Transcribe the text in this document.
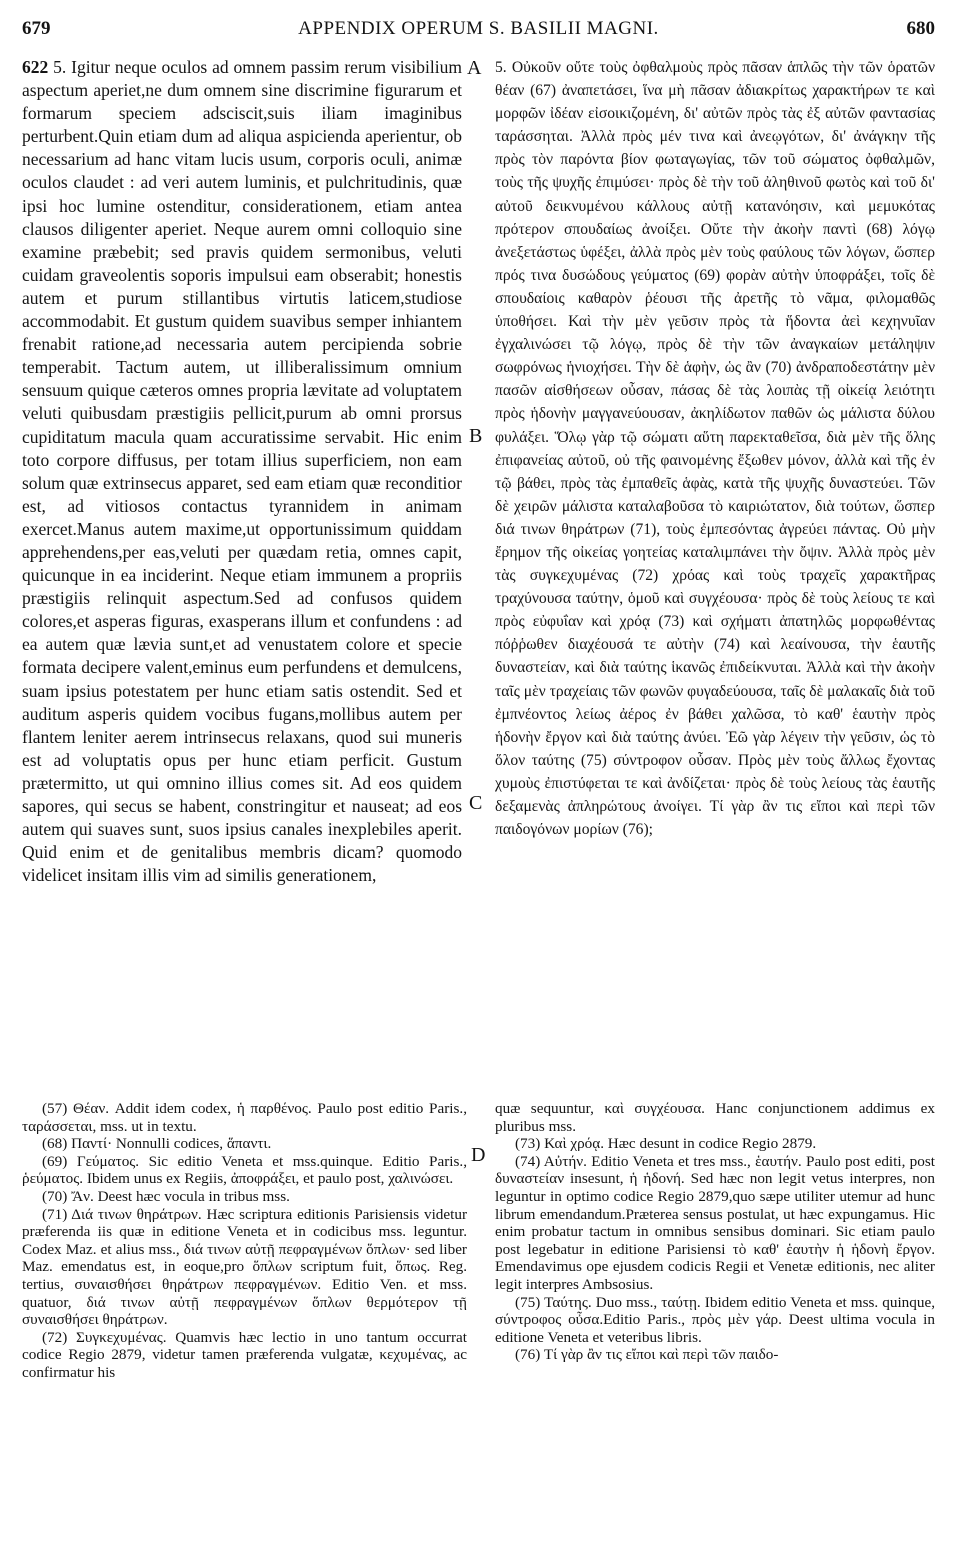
679	APPENDIX OPERUM S. BASILII MAGNI.	680

622 5. Igitur neque oculos ad omnem passim rerum visibilium aspectum aperiet,ne dum omnem sine discrimine figurarum et formarum speciem adsciscit,suis iliam imaginibus perturbent.Quin etiam dum ad aliqua aspicienda aperientur, ob necessarium ad hanc vitam lucis usum, corporis oculi, animæ oculos claudet : ad veri autem luminis, et pulchritudinis, quæ ipsi hoc lumine ostenditur, considerationem, etiam antea clausos diligenter aperiet. Neque aurem omni colloquio sine examine præbebit; sed pravis quidem sermonibus, veluti cuidam graveolentis soporis impulsui eam obserabit; honestis autem et purum stillantibus virtutis laticem,studiose accommodabit. Et gustum quidem suavibus semper inhiantem frenabit ratione,ad necessaria autem percipienda sobrie temperabit. Tactum autem, ut illiberalissimum omnium sensuum quique cæteros omnes propria lævitate ad voluptatem veluti quibusdam præstigiis pellicit,purum ab omni prorsus cupiditatum macula quam accuratissime servabit. Hic enim toto corpore diffusus, per totam illius superficiem, non eam solum quæ extrinsecus apparet, sed eam etiam quæ reconditior est, ad vitiosos contactus tyrannidem in animam exercet.Manus autem maxime,ut opportunissimum quiddam apprehendens,per eas,veluti per quædam retia, omnes capit, quicunque in ea inciderint. Neque etiam immunem a propriis præstigiis relinquit aspectum.Sed ad confusos quidem colores,et asperas figuras, exasperans illum et confundens : ad ea autem quæ lævia sunt,et ad venustatem colore et specie formata decipere valent,eminus eum perfundens et demulcens, suam ipsius potestatem per hunc etiam satis ostendit. Sed et auditum asperis quidem vocibus fugans,mollibus autem per flantem leniter aerem intrinsecus relaxans, quod sui muneris est ad voluptatis opus per hunc etiam perficit. Gustum prætermitto, ut qui omnino illius comes sit. Ad eos quidem sapores, qui secus se habent, constringitur et nauseat; ad eos autem qui suaves sunt, suos ipsius canales inexplebiles aperit. Quid enim et de genitalibus membris dicam? quomodo videlicet insitam illis vim ad similis generationem,

A
B
C
D

5. Οὐκοῦν οὔτε τοὺς ὀφθαλμοὺς πρὸς πᾶσαν ἁπλῶς τὴν τῶν ὁρατῶν θέαν (67) ἀναπετάσει, ἵνα μὴ πᾶσαν ἀδιακρίτως χαρακτήρων τε καὶ μορφῶν ἰδέαν εἰσοικιζομένη, δι' αὐτῶν πρὸς τὰς ἐξ αὐτῶν φαντασίας ταράσσηται. Ἀλλὰ πρὸς μέν τινα καὶ ἀνεῳγότων, δι' ἀνάγκην τῆς πρὸς τὸν παρόντα βίον φωταγωγίας, τῶν τοῦ σώματος ὀφθαλμῶν, τοὺς τῆς ψυχῆς ἐπιμύσει· πρὸς δὲ τὴν τοῦ ἀληθινοῦ φωτὸς καὶ τοῦ δι' αὐτοῦ δεικνυμένου κάλλους αὐτῇ κατανόησιν, καὶ μεμυκότας πρότερον σπουδαίως ἀνοίξει. Οὔτε τὴν ἀκοὴν παντὶ (68) λόγῳ ἀνεξετάστως ὑφέξει, ἀλλὰ πρὸς μὲν τοὺς φαύλους τῶν λόγων, ὥσπερ πρός τινα δυσώδους γεύματος (69) φορὰν αὐτὴν ὑποφράξει, τοῖς δὲ σπουδαίοις καθαρὸν ῥέουσι τῆς ἀρετῆς τὸ νᾶμα, φιλομαθῶς ὑποθήσει. Καὶ τὴν μὲν γεῦσιν πρὸς τὰ ἥδοντα ἀεὶ κεχηνυῖαν ἐγχαλινώσει τῷ λόγῳ, πρὸς δὲ τὴν τῶν ἀναγκαίων μετάληψιν σωφρόνως ἡνιοχήσει. Τὴν δὲ ἁφὴν, ὡς ἂν (70) ἀνδραποδεστάτην μὲν πασῶν αἰσθήσεων οὖσαν, πάσας δὲ τὰς λοιπὰς τῇ οἰκείᾳ λειότητι πρὸς ἡδονὴν μαγγανεύουσαν, ἀκηλίδωτον παθῶν ὡς μάλιστα δύλου φυλάξει. Ὅλῳ γὰρ τῷ σώματι αὕτη παρεκταθεῖσα, διὰ μὲν τῆς ὅλης ἐπιφανείας αὐτοῦ, οὐ τῆς φαινομένης ἔξωθεν μόνον, ἀλλὰ καὶ τῆς ἐν τῷ βάθει, πρὸς τὰς ἐμπαθεῖς ἁφὰς, κατὰ τῆς ψυχῆς δυναστεύει. Τῶν δὲ χειρῶν μάλιστα καταλαβοῦσα τὸ καιριώτατον, διὰ τούτων, ὥσπερ διά τινων θηράτρων (71), τοὺς ἐμπεσόντας ἀγρεύει πάντας. Οὐ μὴν ἔρημον τῆς οἰκείας γοητείας καταλιμπάνει τὴν ὄψιν. Ἀλλὰ πρὸς μὲν τὰς συγκεχυμένας (72) χρόας καὶ τοὺς τραχεῖς χαρακτῆρας τραχύνουσα ταύτην, ὁμοῦ καὶ συγχέουσα· πρὸς δὲ τοὺς λείους τε καὶ πρὸς εὐφυΐαν καὶ χρόᾳ (73) καὶ σχήματι ἀπατηλῶς μορφωθέντας πόῤῥωθεν διαχέουσά τε αὐτὴν (74) καὶ λεαίνουσα, τὴν ἑαυτῆς δυναστείαν, καὶ διὰ ταύτης ἱκανῶς ἐπιδείκνυται. Ἀλλὰ καὶ τὴν ἀκοὴν ταῖς μὲν τραχείαις τῶν φωνῶν φυγαδεύουσα, ταῖς δὲ μαλακαῖς διὰ τοῦ ἐμπνέοντος λείως ἀέρος ἐν βάθει χαλῶσα, τὸ καθ' ἑαυτὴν πρὸς ἡδονὴν ἔργον καὶ διὰ ταύτης ἀνύει. Ἐῶ γὰρ λέγειν τὴν γεῦσιν, ὡς τὸ ὅλον ταύτης (75) σύντροφον οὖσαν. Πρὸς μὲν τοὺς ἄλλως ἔχοντας χυμοὺς ἐπιστύφεται τε καὶ ἀνδίζεται· πρὸς δὲ τοὺς λείους τὰς ἑαυτῆς δεξαμενὰς ἀπληρώτους ἀνοίγει. Τί γὰρ ἂν τις εἴποι καὶ περὶ τῶν παιδογόνων μορίων (76);

(57) Θέαν. Addit idem codex, ἡ παρθένος. Paulo post editio Paris., ταράσσεται, mss. ut in textu.

(68) Παντί· Nonnulli codices, ἅπαντι.

(69) Γεύματος. Sic editio Veneta et mss.quinque. Editio Paris., ῥεύματος. Ibidem unus ex Regiis, ἀποφράξει, et paulo post, χαλινώσει.

(70) Ἄν. Deest hæc vocula in tribus mss.

(71) Διά τινων θηράτρων. Hæc scriptura editionis Parisiensis videtur præferenda iis quæ in editione Veneta et in codicibus mss. leguntur. Codex Maz. et alius mss., διά τινων αὐτῇ πεφραγμένων ὅπλων· sed liber Maz. emendatus est, in eoque,pro ὅπλων scriptum fuit, ὅπως. Reg. tertius, συναισθήσει θηράτρων πεφραγμένων. Editio Ven. et mss. quatuor, διά τινων αὐτῇ πεφραγμένων ὅπλων θερμότερον τῇ συναισθήσει θηράτρων.

(72) Συγκεχυμένας. Quamvis hæc lectio in uno tantum occurrat codice Regio 2879, videtur tamen præferenda vulgatæ, κεχυμένας, ac confirmatur his

quæ sequuntur, καὶ συγχέουσα. Hanc conjunctionem addimus ex pluribus mss.

(73) Καὶ χρόᾳ. Hæc desunt in codice Regio 2879.

(74) Αὐτήν. Editio Veneta et tres mss., ἑαυτήν. Paulo post editi, post δυναστείαν insesunt, ἡ ἡδονή. Sed hæc non legit vetus interpres, non leguntur in optimo codice Regio 2879,quo sæpe utiliter utemur ad hunc librum emendandum.Præterea sensus postulat, ut hæc expungamus. Hic enim probatur tactum in omnibus sensibus dominari. Sic etiam paulo post legebatur in editione Parisiensi τὸ καθ' ἑαυτὴν ἡ ἡδονὴ ἔργον. Emendavimus ope ejusdem codicis Regii et Venetæ editionis, nec aliter legit interpres Ambsosius.

(75) Ταύτης. Duo mss., ταύτῃ. Ibidem editio Veneta et mss. quinque, σύντροφος οὖσα.Editio Paris., πρὸς μὲν γάρ. Deest ultima vocula in editione Veneta et veteribus libris.

(76) Τί γὰρ ἂν τις εἴποι καὶ περὶ τῶν παιδο-
